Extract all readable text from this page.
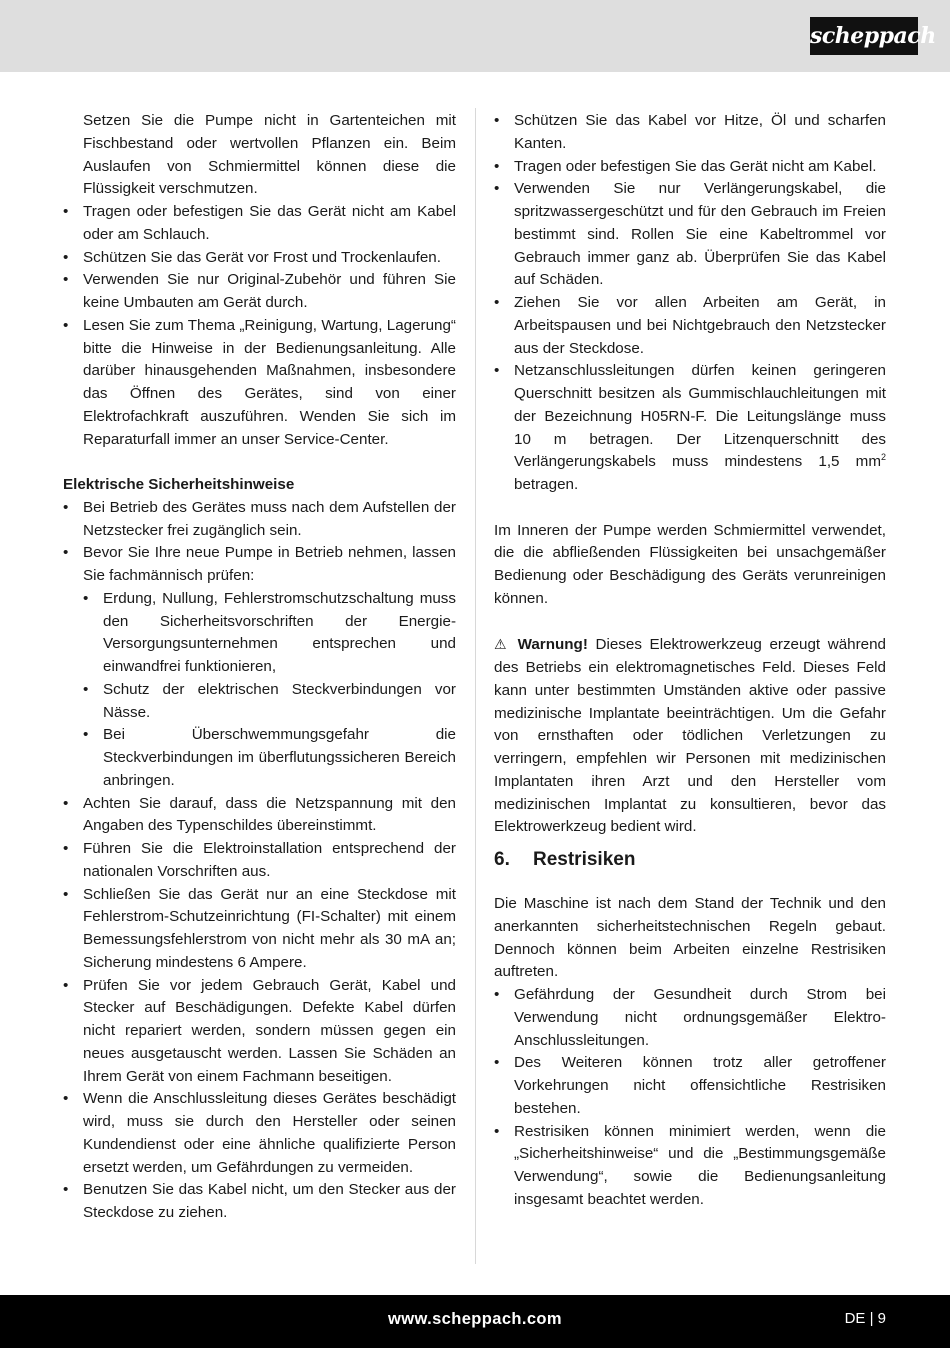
scheppach

Setzen Sie die Pumpe nicht in Gartenteichen mit Fischbestand oder wertvollen Pflanzen ein. Beim Auslaufen von Schmiermittel können diese die Flüssigkeit verschmutzen.

• Tragen oder befestigen Sie das Gerät nicht am Kabel oder am Schlauch.
• Schützen Sie das Gerät vor Frost und Trockenlaufen.
• Verwenden Sie nur Original-Zubehör und führen Sie keine Umbauten am Gerät durch.
• Lesen Sie zum Thema „Reinigung, Wartung, Lagerung“ bitte die Hinweise in der Bedienungsanleitung. Alle darüber hinausgehenden Maßnahmen, insbesondere das Öffnen des Gerätes, sind von einer Elektrofachkraft auszuführen. Wenden Sie sich im Reparaturfall immer an unser Service-Center.

Elektrische Sicherheitshinweise

• Bei Betrieb des Gerätes muss nach dem Aufstellen der Netzstecker frei zugänglich sein.
• Bevor Sie Ihre neue Pumpe in Betrieb nehmen, lassen Sie fachmännisch prüfen:
• Erdung, Nullung, Fehlerstromschutzschaltung muss den Sicherheitsvorschriften der Energie-Versorgungsunternehmen entsprechen und einwandfrei funktionieren,
• Schutz der elektrischen Steckverbindungen vor Nässe.
• Bei Überschwemmungsgefahr die Steckverbindungen im überflutungssicheren Bereich anbringen.
• Achten Sie darauf, dass die Netzspannung mit den Angaben des Typenschildes übereinstimmt.
• Führen Sie die Elektroinstallation entsprechend der nationalen Vorschriften aus.
• Schließen Sie das Gerät nur an eine Steckdose mit Fehlerstrom-Schutzeinrichtung (FI-Schalter) mit einem Bemessungsfehlerstrom von nicht mehr als 30 mA an; Sicherung mindestens 6 Ampere.
• Prüfen Sie vor jedem Gebrauch Gerät, Kabel und Stecker auf Beschädigungen. Defekte Kabel dürfen nicht repariert werden, sondern müssen gegen ein neues ausgetauscht werden. Lassen Sie Schäden an Ihrem Gerät von einem Fachmann beseitigen.
• Wenn die Anschlussleitung dieses Gerätes beschädigt wird, muss sie durch den Hersteller oder seinen Kundendienst oder eine ähnliche qualifizierte Person ersetzt werden, um Gefährdungen zu vermeiden.
• Benutzen Sie das Kabel nicht, um den Stecker aus der Steckdose zu ziehen.
• Schützen Sie das Kabel vor Hitze, Öl und scharfen Kanten.
• Tragen oder befestigen Sie das Gerät nicht am Kabel.
• Verwenden Sie nur Verlängerungskabel, die spritzwassergeschützt und für den Gebrauch im Freien bestimmt sind. Rollen Sie eine Kabeltrommel vor Gebrauch immer ganz ab. Überprüfen Sie das Kabel auf Schäden.
• Ziehen Sie vor allen Arbeiten am Gerät, in Arbeitspausen und bei Nichtgebrauch den Netzstecker aus der Steckdose.
• Netzanschlussleitungen dürfen keinen geringeren Querschnitt besitzen als Gummischlauchleitungen mit der Bezeichnung H05RN-F. Die Leitungslänge muss 10 m betragen. Der Litzenquerschnitt des Verlängerungskabels muss mindestens 1,5 $mm^2$ betragen.

Im Inneren der Pumpe werden Schmiermittel verwendet, die die abfließenden Flüssigkeiten bei unsachgemäßer Bedienung oder Beschädigung des Geräts verunreinigen können.

⚠ Warnung! Dieses Elektrowerkzeug erzeugt während des Betriebs ein elektromagnetisches Feld. Dieses Feld kann unter bestimmten Umständen aktive oder passive medizinische Implantate beeinträchtigen. Um die Gefahr von ernsthaften oder tödlichen Verletzungen zu verringern, empfehlen wir Personen mit medizinischen Implantaten ihren Arzt und den Hersteller vom medizinischen Implantat zu konsultieren, bevor das Elektrowerkzeug bedient wird.

6.	Restrisiken

Die Maschine ist nach dem Stand der Technik und den anerkannten sicherheitstechnischen Regeln gebaut. Dennoch können beim Arbeiten einzelne Restrisiken auftreten.

• Gefährdung der Gesundheit durch Strom bei Verwendung nicht ordnungsgemäßer Elektro-Anschlussleitungen.
• Des Weiteren können trotz aller getroffener Vorkehrungen nicht offensichtliche Restrisiken bestehen.
• Restrisiken können minimiert werden, wenn die „Sicherheitshinweise“ und die „Bestimmungsgemäße Verwendung“, sowie die Bedienungsanleitung insgesamt beachtet werden.
www.scheppach.com	DE | 9
